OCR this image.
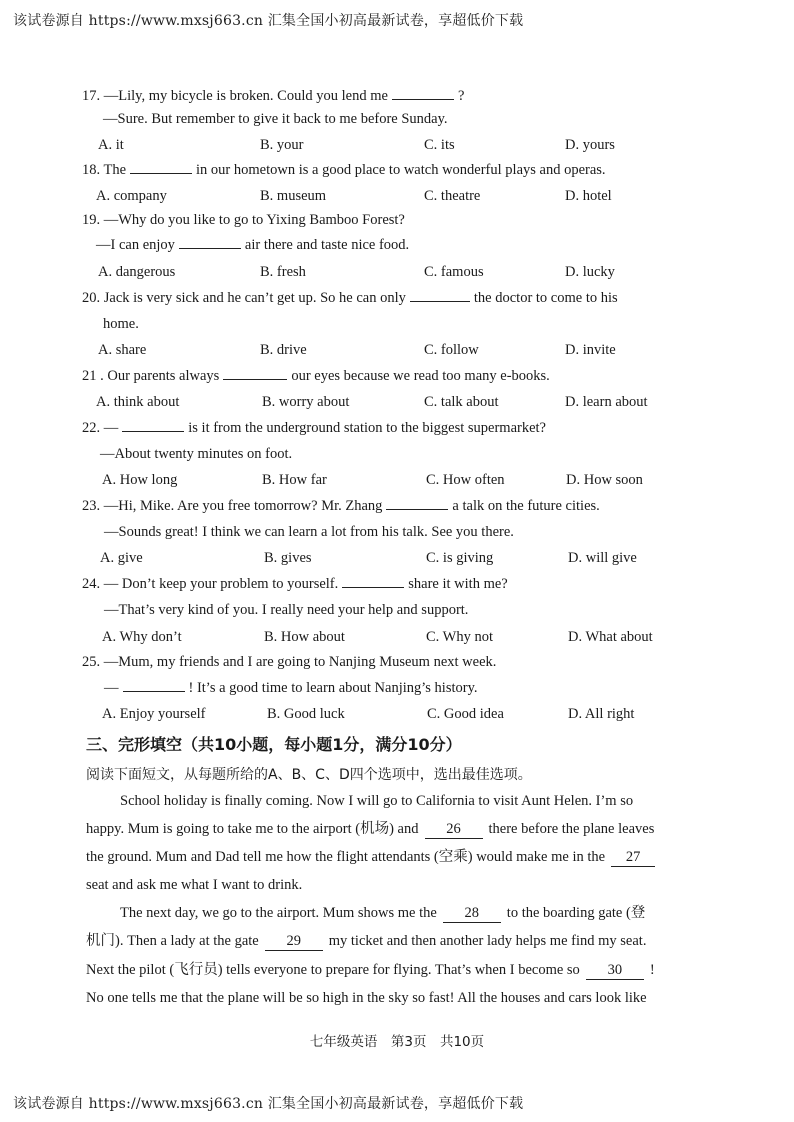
该试卷源自 https://www.mxsj663.cn 汇集全国小初高最新试卷，享超低价下载
17. —Lily, my bicycle is broken. Could you lend me	?
—Sure. But remember to give it back to me before Sunday.
A. it	B. your	C. its	D. yours
18. The	in our hometown is a good place to watch wonderful plays and operas.
A. company	B. museum	C. theatre	D. hotel
19. —Why do you like to go to Yixing Bamboo Forest?
—I can enjoy	air there and taste nice food.
A. dangerous	B. fresh	C. famous	D. lucky
20. Jack is very sick and he can’t get up. So he can only	the doctor to come to his
home.
A. share	B. drive	C. follow	D. invite
21 . Our parents always	our eyes because we read too many e-books.
A. think about	B. worry about	C. talk about	D. learn about
22. —	is it from the underground station to the biggest supermarket?
—About twenty minutes on foot.
A. How long	B. How far	C. How often	D. How soon
23. —Hi, Mike. Are you free tomorrow? Mr. Zhang	a talk on the future cities.
—Sounds great! I think we can learn a lot from his talk. See you there.
A. give	B. gives	C. is giving	D. will give
24. — Don’t keep your problem to yourself.	share it with me?
—That’s very kind of you. I really need your help and support.
A. Why don’t	B. How about	C. Why not	D. What about
25. —Mum, my friends and I are going to Nanjing Museum next week.
—	! It’s a good time to learn about Nanjing’s history.
A. Enjoy yourself	B. Good luck	C. Good idea	D. All right
三、完形填空（共10小题，每小题1分，满分10分）
阅读下面短文，从每题所给的A、B、C、D四个选项中，选出最佳选项。
School holiday is finally coming. Now I will go to California to visit Aunt Helen. I’m so
happy. Mum is going to take me to the airport (机场) and 26 there before the plane leaves
the ground. Mum and Dad tell me how the flight attendants (空乘) would make me in the 27
seat and ask me what I want to drink.
The next day, we go to the airport. Mum shows me the 28 to the boarding gate (登
机门). Then a lady at the gate 29 my ticket and then another lady helps me find my seat.
Next the pilot (飞行员) tells everyone to prepare for flying. That’s when I become so 30 !
No one tells me that the plane will be so high in the sky so fast! All the houses and cars look like
七年级英语　第3页　共10页
该试卷源自 https://www.mxsj663.cn 汇集全国小初高最新试卷，享超低价下载
